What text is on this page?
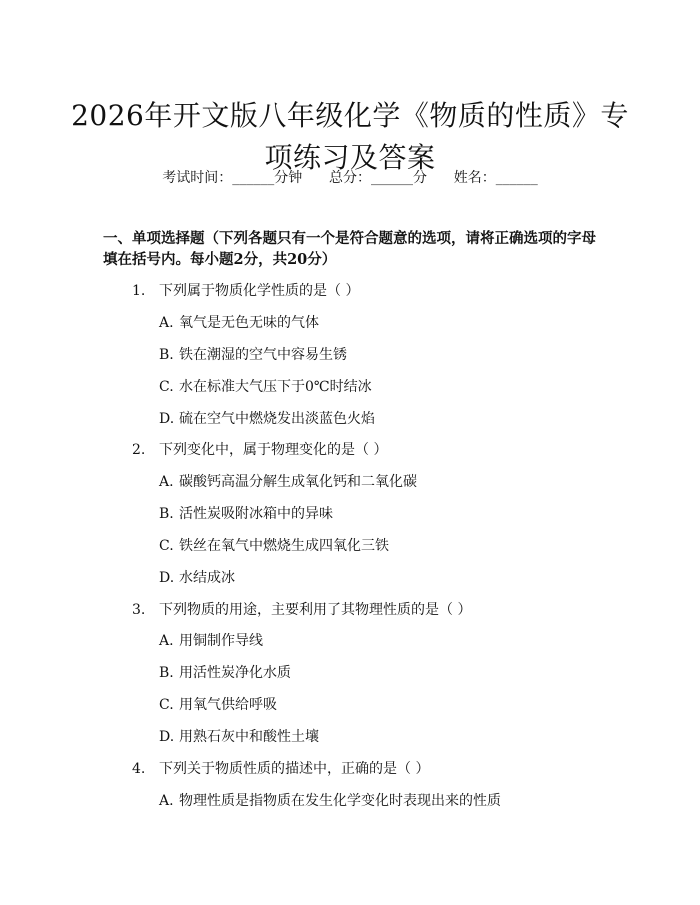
2026年开文版八年级化学《物质的性质》专项练习及答案
考试时间：______分钟      总分：______分      姓名：______
一、单项选择题（下列各题只有一个是符合题意的选项，请将正确选项的字母填在括号内。每小题2分，共20分）
1. 下列属于物质化学性质的是（ ）
A. 氧气是无色无味的气体
B. 铁在潮湿的空气中容易生锈
C. 水在标准大气压下于0℃时结冰
D. 硫在空气中燃烧发出淡蓝色火焰
2. 下列变化中，属于物理变化的是（ ）
A. 碳酸钙高温分解生成氧化钙和二氧化碳
B. 活性炭吸附冰箱中的异味
C. 铁丝在氧气中燃烧生成四氧化三铁
D. 水结成冰
3. 下列物质的用途，主要利用了其物理性质的是（ ）
A. 用铜制作导线
B. 用活性炭净化水质
C. 用氧气供给呼吸
D. 用熟石灰中和酸性土壤
4. 下列关于物质性质的描述中，正确的是（ ）
A. 物理性质是指物质在发生化学变化时表现出来的性质
